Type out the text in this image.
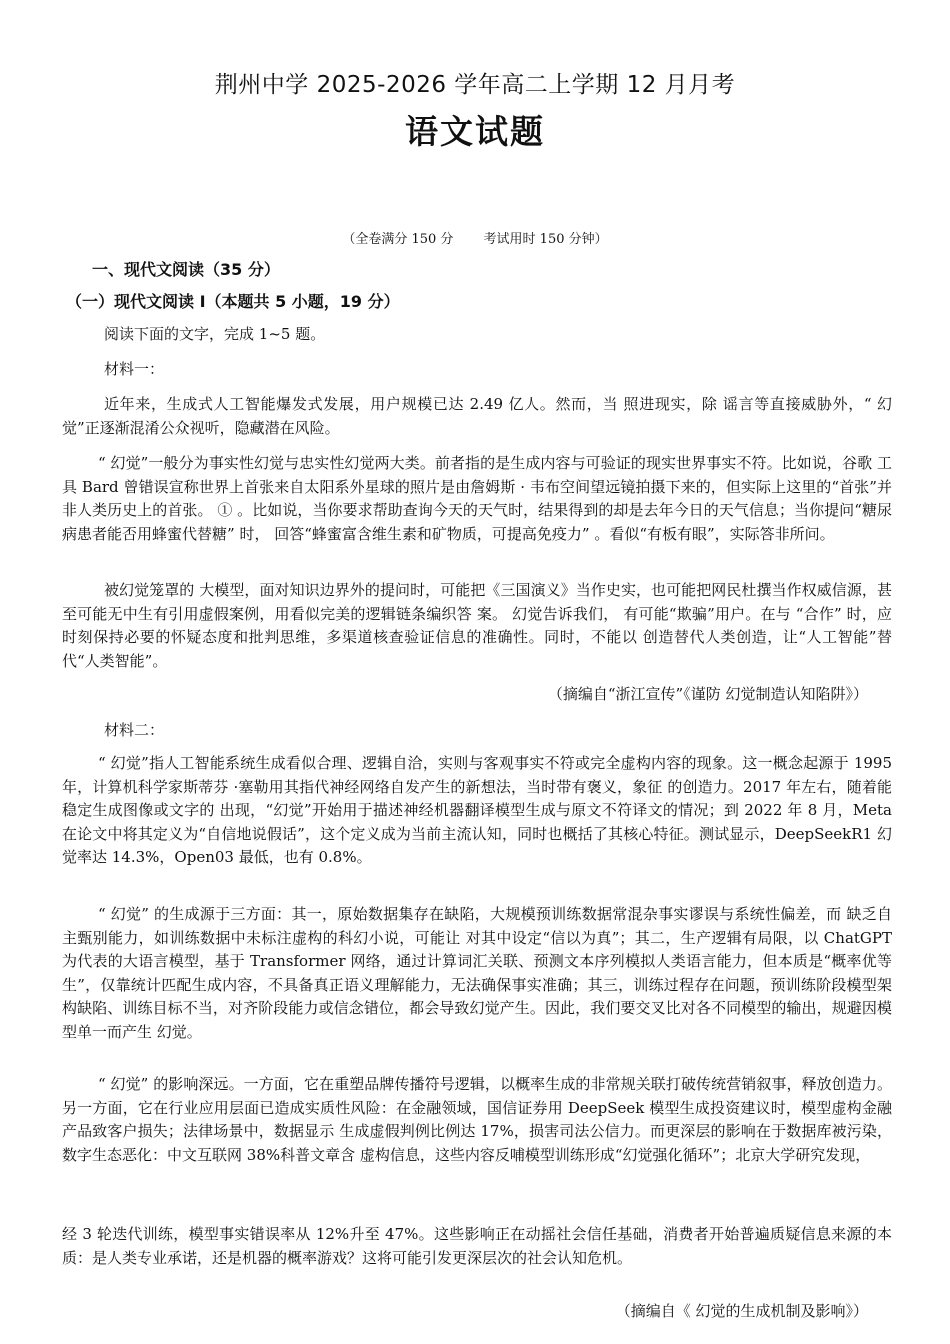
荆州中学 2025-2026 学年高二上学期 12 月月考
语文试题
（全卷满分 150 分　　 考试用时 150 分钟）
一、现代文阅读（35 分）
（一）现代文阅读 Ⅰ（本题共 5 小题，19 分）
阅读下面的文字，完成 1~5 题。
材料一：

近年来，生成式人工智能爆发式发展，用户规模已达 2.49 亿人。然而，当 照进现实，除 谣言等直接威胁外，“ 幻觉”正逐渐混淆公众视听，隐藏潜在风险。

“ 幻觉”一般分为事实性幻觉与忠实性幻觉两大类。前者指的是生成内容与可验证的现实世界事实不符。比如说，谷歌 工具 Bard 曾错误宣称世界上首张来自太阳系外星球的照片是由詹姆斯 · 韦布空间望远镜拍摄下来的，但实际上这里的“首张”并非人类历史上的首张。 ① 。比如说，当你要求帮助查询今天的天气时，结果得到的却是去年今日的天气信息；当你提问“糖尿病患者能否用蜂蜜代替糖” 时， 回答“蜂蜜富含维生素和矿物质，可提高免疫力” 。看似“有板有眼”，实际答非所问。

被幻觉笼罩的 大模型，面对知识边界外的提问时，可能把《三国演义》当作史实，也可能把网民杜撰当作权威信源，甚至可能无中生有引用虚假案例，用看似完美的逻辑链条编织答 案。 幻觉告诉我们， 有可能“欺骗”用户。在与 “合作” 时，应时刻保持必要的怀疑态度和批判思维，多渠道核查验证信息的准确性。同时，不能以 创造替代人类创造，让“人工智能”替代“人类智能”。

（摘编自“浙江宣传”《谨防 幻觉制造认知陷阱》）
材料二：

“ 幻觉”指人工智能系统生成看似合理、逻辑自洽，实则与客观事实不符或完全虚构内容的现象。这一概念起源于 1995 年，计算机科学家斯蒂芬 ·塞勒用其指代神经网络自发产生的新想法，当时带有褒义，象征 的创造力。2017 年左右，随着能稳定生成图像或文字的 出现，“幻觉”开始用于描述神经机器翻译模型生成与原文不符译文的情况；到 2022 年 8 月，Meta 在论文中将其定义为“自信地说假话”，这个定义成为当前主流认知，同时也概括了其核心特征。测试显示，DeepSeekR1 幻觉率达 14.3%，Open03 最低，也有 0.8%。

“ 幻觉” 的生成源于三方面：其一，原始数据集存在缺陷，大规模预训练数据常混杂事实谬误与系统性偏差，而 缺乏自主甄别能力，如训练数据中未标注虚构的科幻小说，可能让 对其中设定“信以为真”；其二，生产逻辑有局限，以 ChatGPT 为代表的大语言模型，基于 Transformer 网络，通过计算词汇关联、预测文本序列模拟人类语言能力，但本质是“概率优等生”，仅靠统计匹配生成内容，不具备真正语义理解能力，无法确保事实准确；其三，训练过程存在问题，预训练阶段模型架构缺陷、训练目标不当，对齐阶段能力或信念错位，都会导致幻觉产生。因此，我们要交叉比对各不同模型的输出，规避因模型单一而产生 幻觉。

“ 幻觉” 的影响深远。一方面，它在重塑品牌传播符号逻辑，以概率生成的非常规关联打破传统营销叙事，释放创造力。另一方面，它在行业应用层面已造成实质性风险：在金融领域，国信证券用 DeepSeek 模型生成投资建议时，模型虚构金融产品致客户损失；法律场景中，数据显示 生成虚假判例比例达 17%，损害司法公信力。而更深层的影响在于数据库被污染，数字生态恶化：中文互联网 38%科普文章含 虚构信息，这些内容反哺模型训练形成“幻觉强化循环”；北京大学研究发现，

经 3 轮迭代训练，模型事实错误率从 12%升至 47%。这些影响正在动摇社会信任基础，消费者开始普遍质疑信息来源的本质：是人类专业承诺，还是机器的概率游戏？这将可能引发更深层次的社会认知危机。

（摘编自《 幻觉的生成机制及影响》）
